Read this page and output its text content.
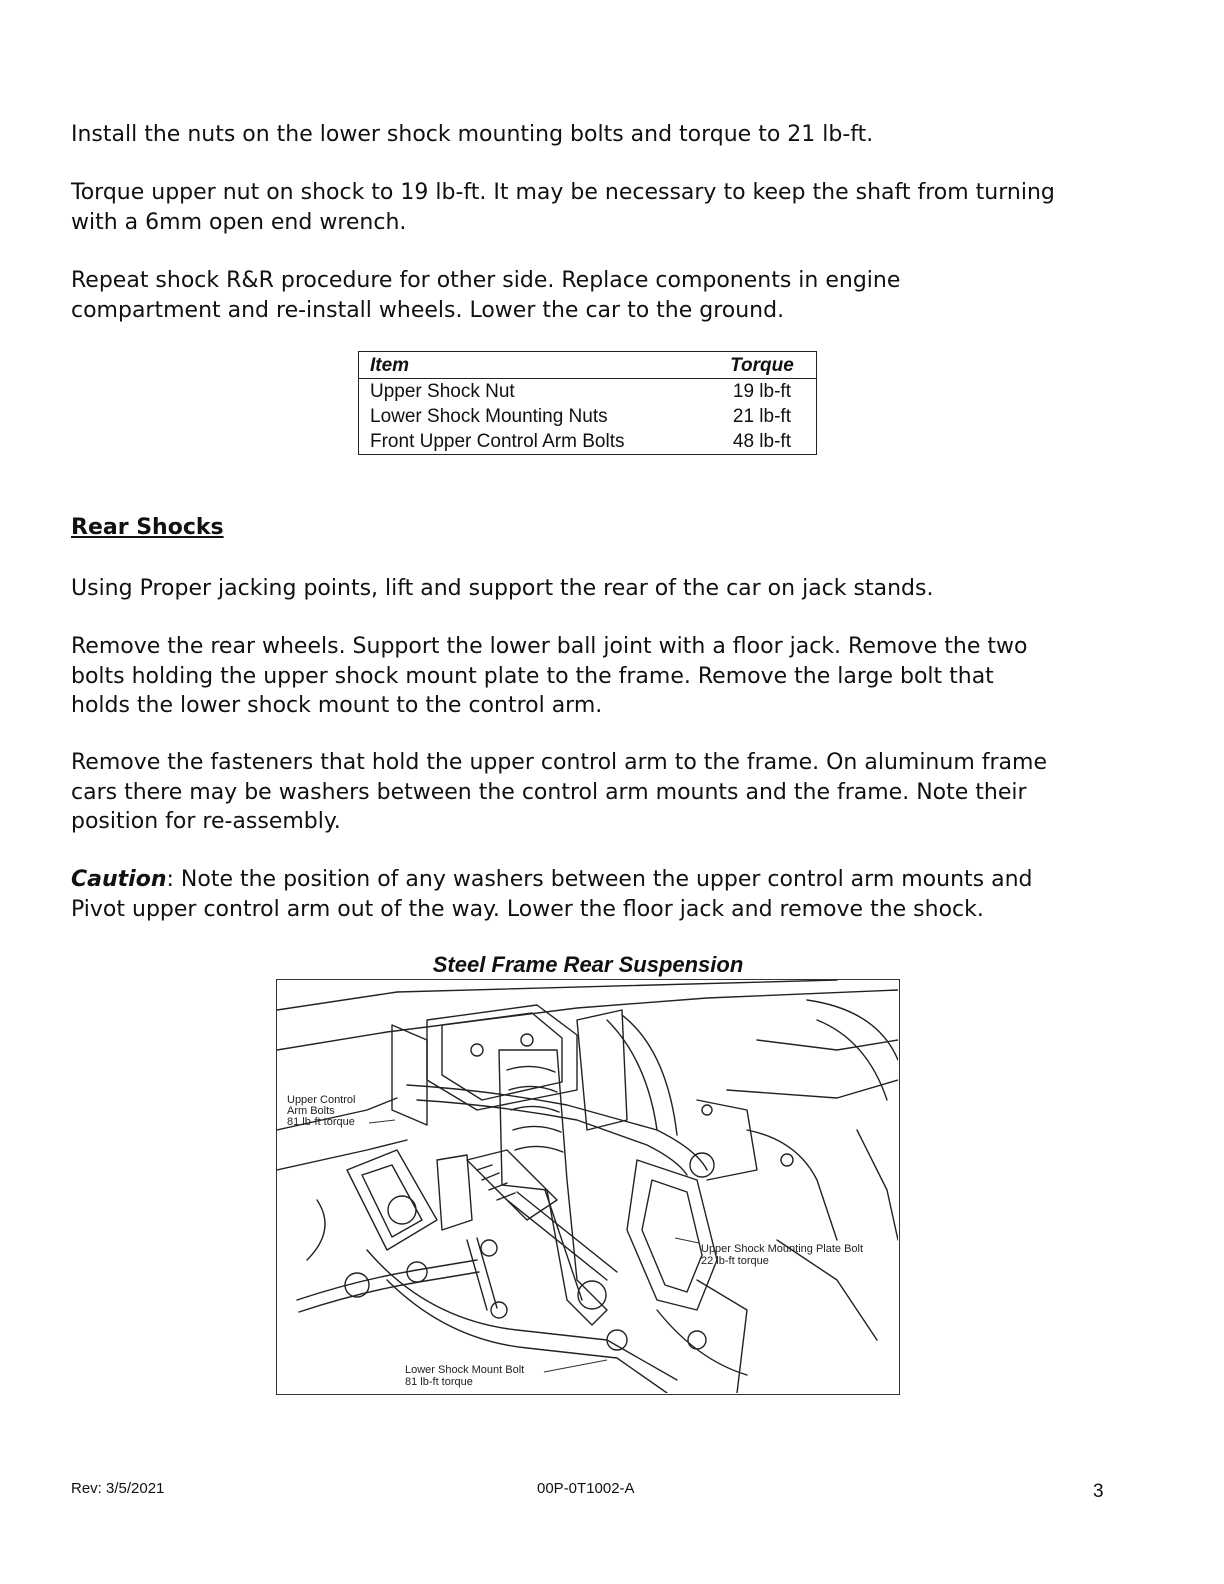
Install the nuts on the lower shock mounting bolts and torque to 21 lb-ft.

Torque upper nut on shock to 19 lb-ft. It may be necessary to keep the shaft from turning
with a 6mm open end wrench.

Repeat shock R&R procedure for other side. Replace components in engine
compartment and re-install wheels. Lower the car to the ground.

Item	Torque
Upper Shock Nut	19 lb-ft
Lower Shock Mounting Nuts	21 lb-ft
Front Upper Control Arm Bolts	48 lb-ft
Rear Shocks

Using Proper jacking points, lift and support the rear of the car on jack stands.

Remove the rear wheels. Support the lower ball joint with a floor jack. Remove the two
bolts holding the upper shock mount plate to the frame. Remove the large bolt that
holds the lower shock mount to the control arm.

Remove the fasteners that hold the upper control arm to the frame. On aluminum frame
cars there may be washers between the control arm mounts and the frame. Note their
position for re-assembly.

Caution: Note the position of any washers between the upper control arm mounts and
Pivot upper control arm out of the way. Lower the floor jack and remove the shock.

Steel Frame Rear Suspension
Upper Control
Arm Bolts
81 lb-ft torque
Upper Shock Mounting Plate Bolt
22 lb-ft torque
Lower Shock Mount Bolt
81 lb-ft torque
Rev: 3/5/2021	00P-0T1002-A	3
